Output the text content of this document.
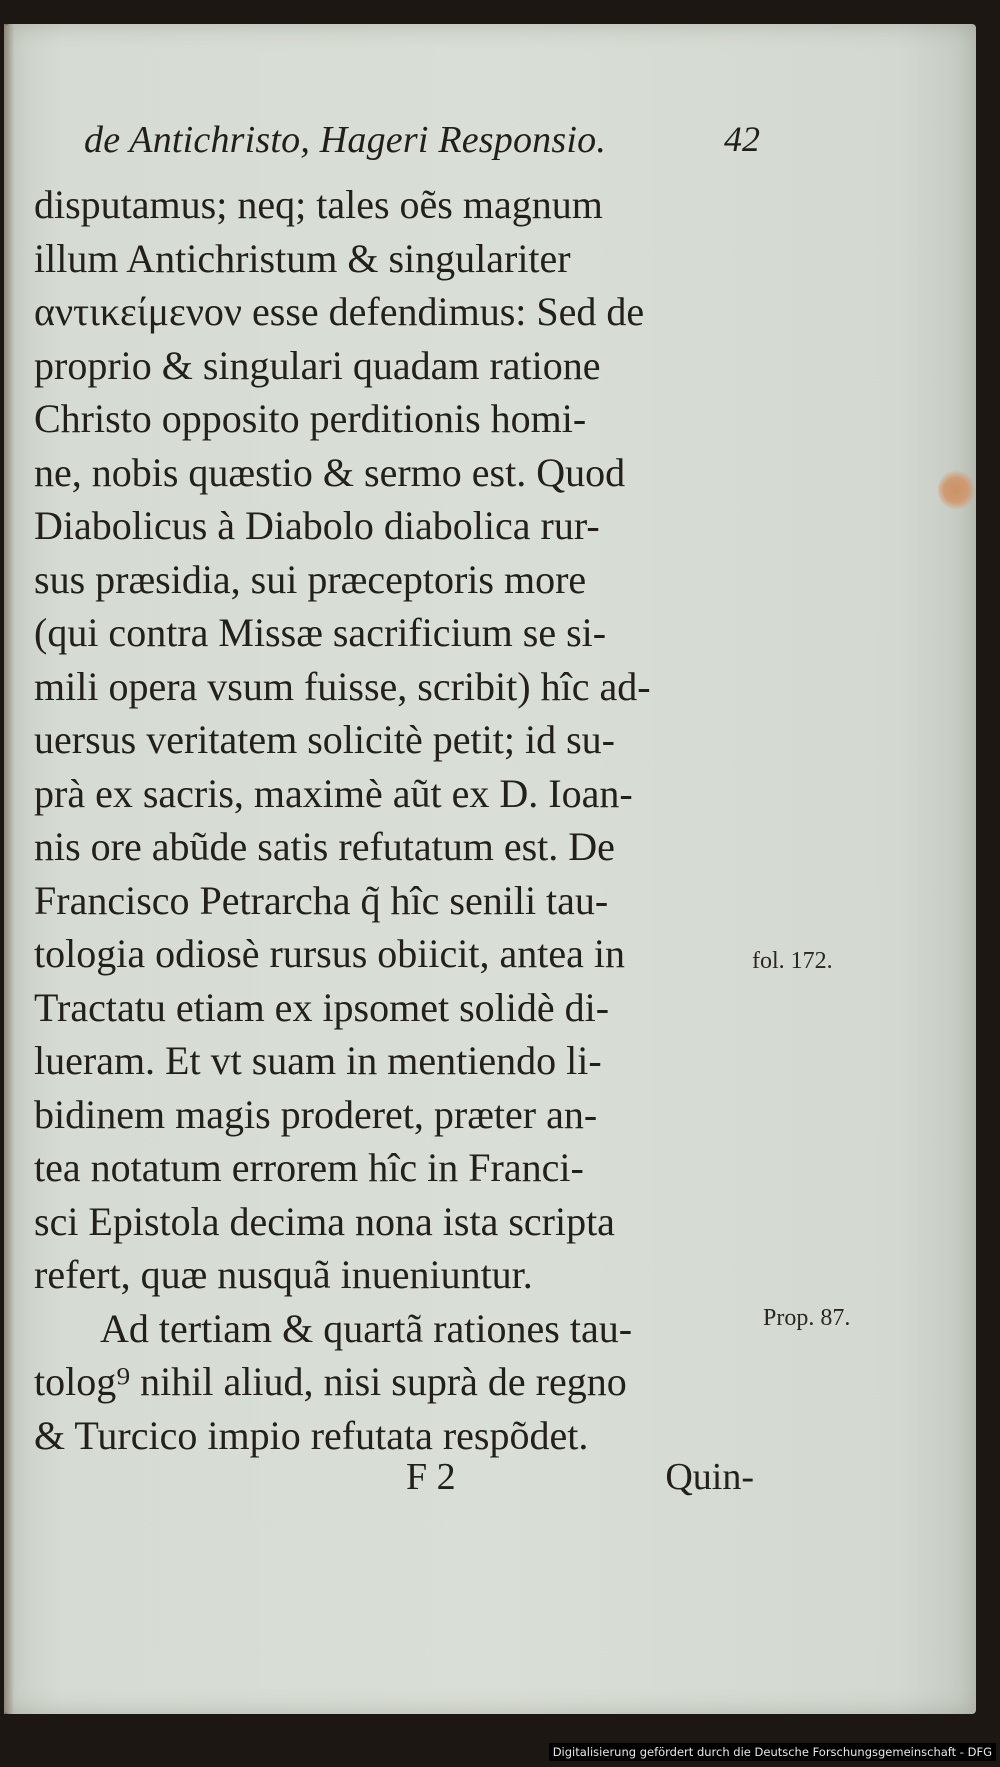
de Antichristo, Hageri Responsio.	42
disputamus; neq; tales oẽs magnum
illum Antichristum & singulariter
αντικείμενον esse defendimus: Sed de
proprio & singulari quadam ratione
Christo opposito perditionis homi-
ne, nobis quæstio & sermo est. Quod
Diabolicus à Diabolo diabolica rur-
sus præsidia, sui præceptoris more
(qui contra Missæ sacrificium se si-
mili opera vsum fuisse, scribit) hîc ad-
uersus veritatem solicitè petit; id su-
prà ex sacris, maximè aũt ex D. Ioan-
nis ore abũde satis refutatum est. De
Francisco Petrarcha q̃ hîc senili tau-
tologia odiosè rursus obiicit, antea in
Tractatu etiam ex ipsomet solidè di-
lueram. Et vt suam in mentiendo li-
bidinem magis proderet, præter an-
tea notatum errorem hîc in Franci-
sci Epistola decima nona ista scripta
refert, quæ nusquã inueniuntur.
Ad tertiam & quartã rationes tau-
tolog⁹ nihil aliud, nisi suprà de regno
& Turcico impio refutata respõdet.
fol. 172.
Prop. 87.
F 2	Quin-
Digitalisierung gefördert durch die Deutsche Forschungsgemeinschaft - DFG
